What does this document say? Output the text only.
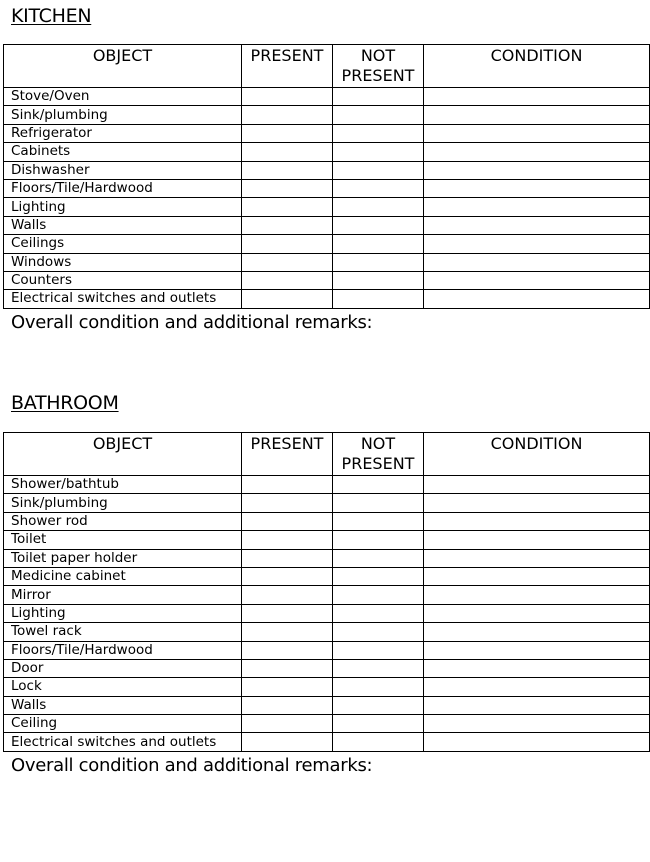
KITCHEN
OBJECT	PRESENT	NOT PRESENT	CONDITION
Stove/Oven			
Sink/plumbing			
Refrigerator			
Cabinets			
Dishwasher			
Floors/Tile/Hardwood			
Lighting			
Walls			
Ceilings			
Windows			
Counters			
Electrical switches and outlets			

Overall condition and additional remarks:

BATHROOM
OBJECT	PRESENT	NOT PRESENT	CONDITION
Shower/bathtub			
Sink/plumbing			
Shower rod			
Toilet			
Toilet paper holder			
Medicine cabinet			
Mirror			
Lighting			
Towel rack			
Floors/Tile/Hardwood			
Door			
Lock			
Walls			
Ceiling			
Electrical switches and outlets			

Overall condition and additional remarks:
